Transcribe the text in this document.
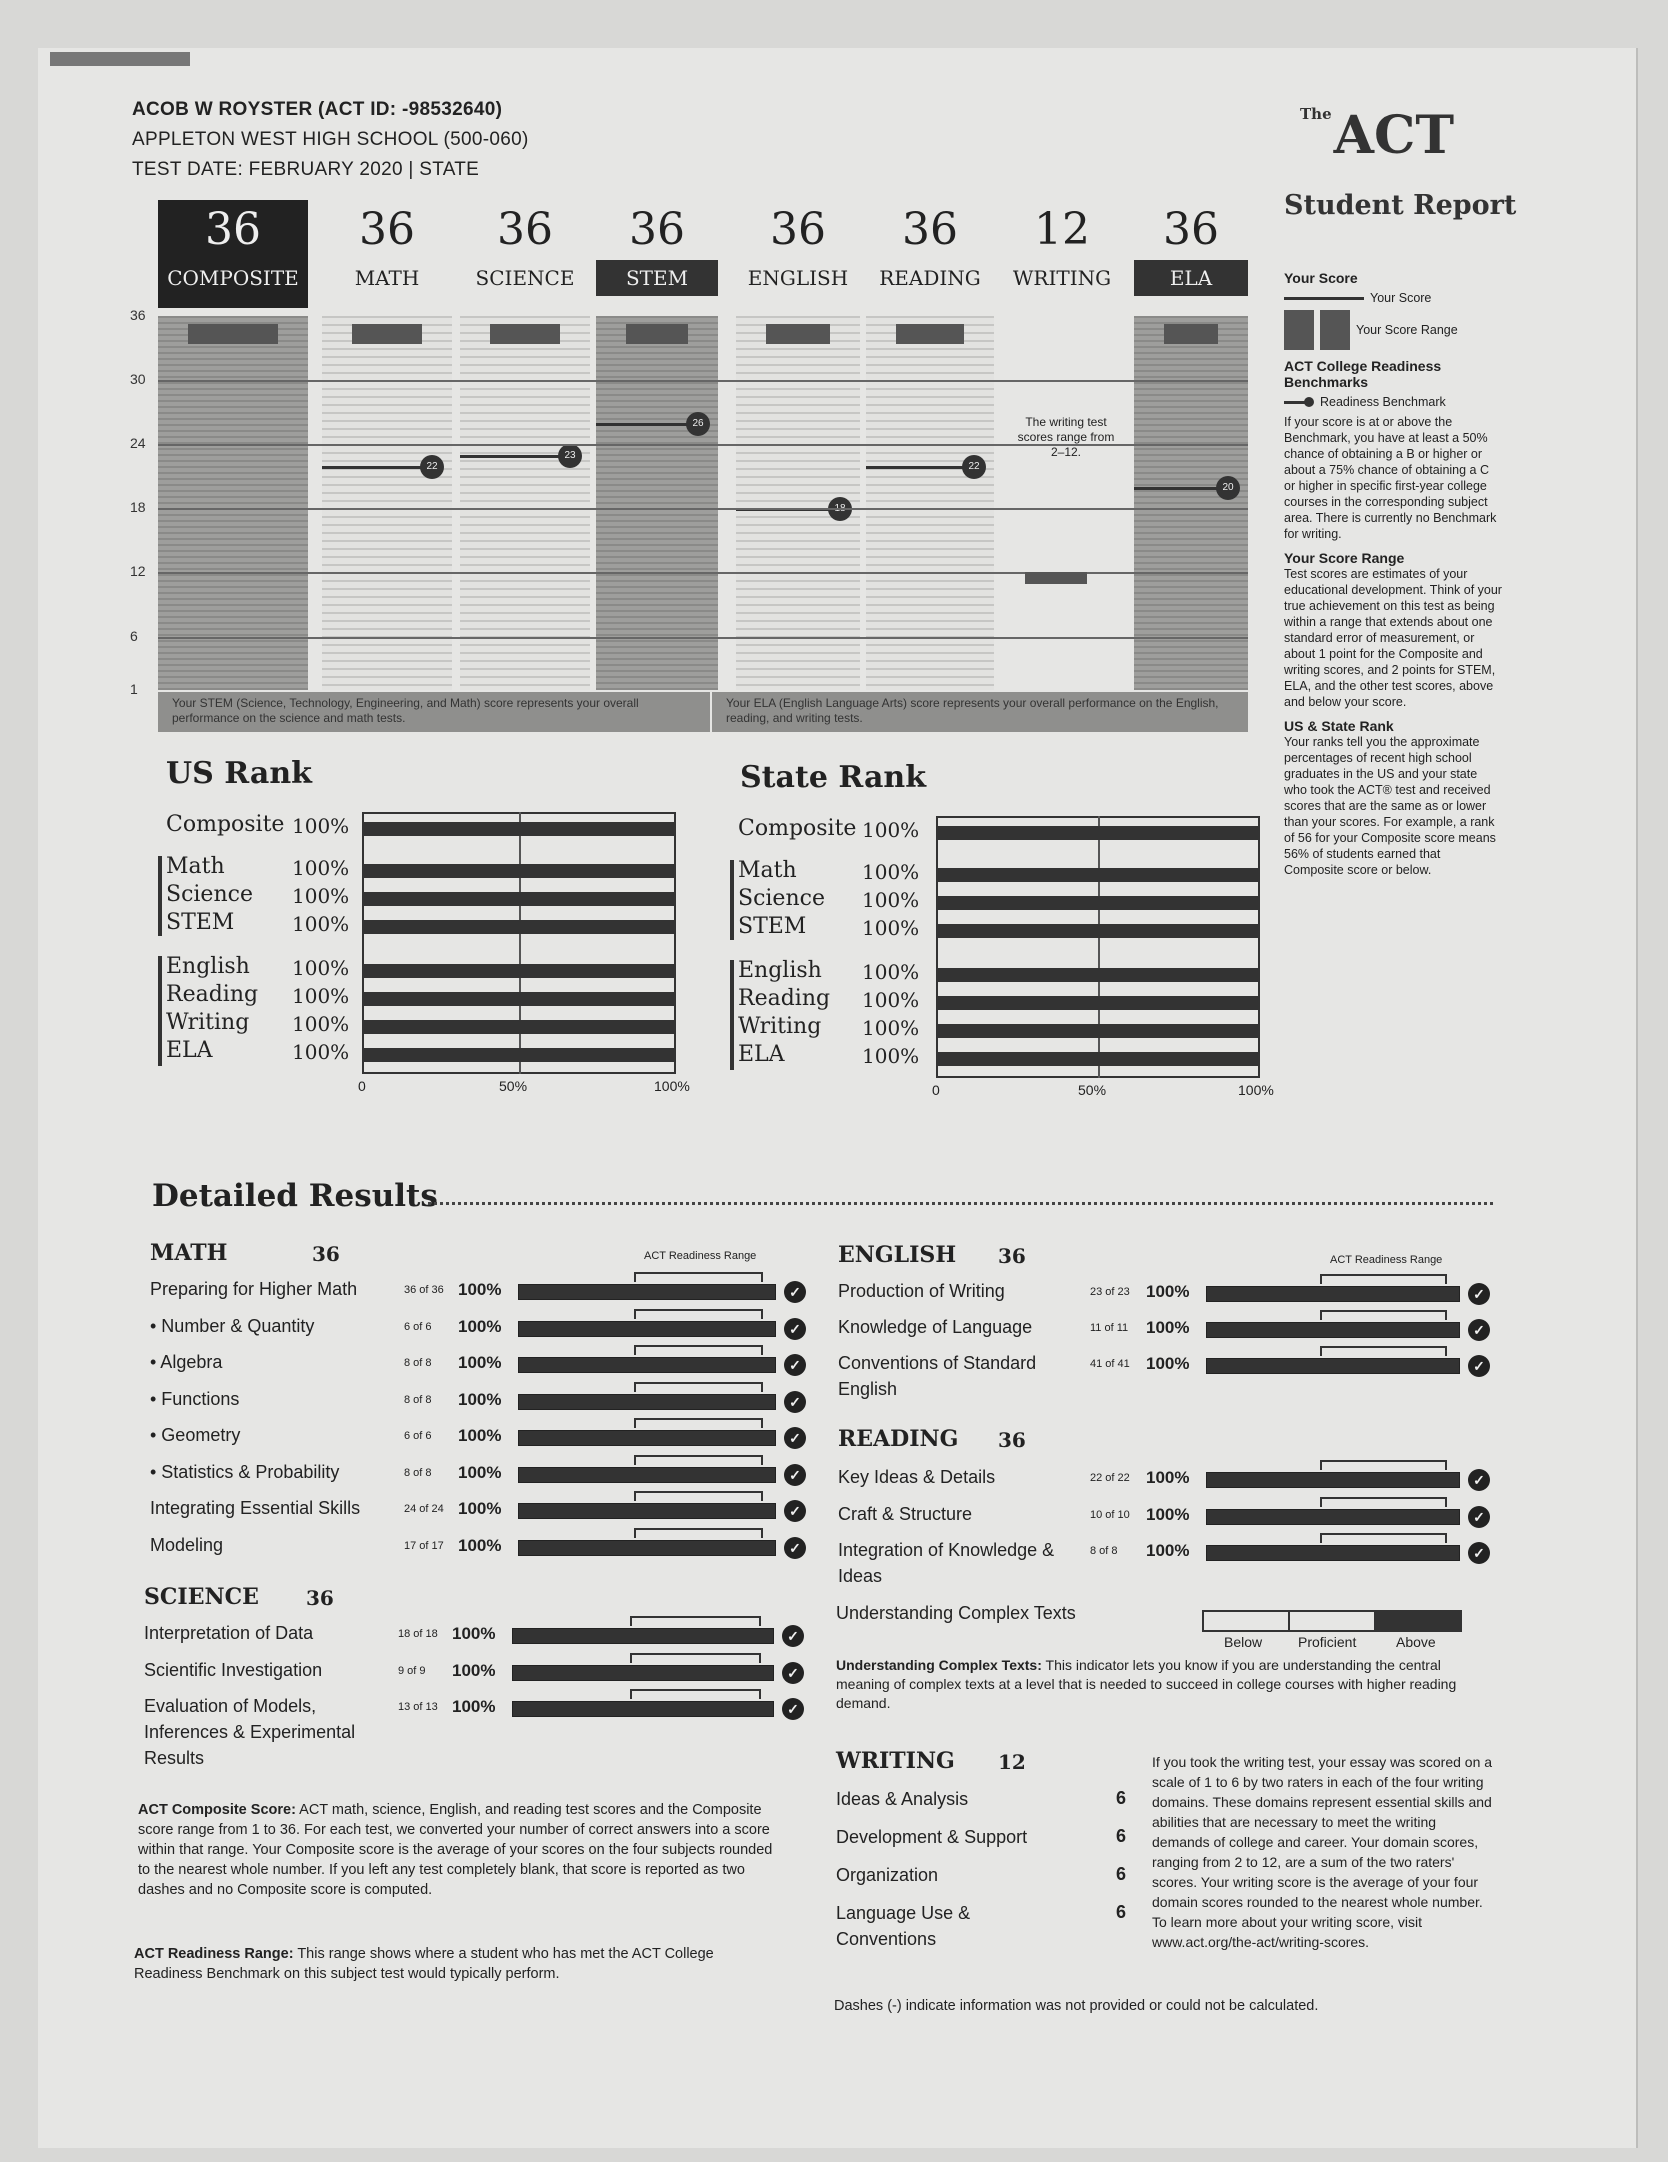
ACOB W ROYSTER (ACT ID: -98532640)
APPLETON WEST HIGH SCHOOL (500-060)
TEST DATE: FEBRUARY 2020 | STATE
$^{The}$ACT
Student Report
36
COMPOSITE
36
MATH
36
SCIENCE
36
STEM
36
ENGLISH
36
READING
12
WRITING
36
ELA
22
23
26
22
20
36
30
24
18
12
6
1
The writing test scores range from 2–12.
Your STEM (Science, Technology, Engineering, and Math) score represents your overall performance on the science and math tests.
Your ELA (English Language Arts) score represents your overall performance on the English, reading, and writing tests.
Your Score
Your Score
Your Score Range
ACT College Readiness Benchmarks
Readiness Benchmark

If your score is at or above the Benchmark, you have at least a 50% chance of obtaining a B or higher or about a 75% chance of obtaining a C or higher in specific first-year college courses in the corresponding subject area. There is currently no Benchmark for writing.

Your Score Range

Test scores are estimates of your educational development. Think of your true achievement on this test as being within a range that extends about one standard error of measurement, or about 1 point for the Composite and writing scores, and 2 points for STEM, ELA, and the other test scores, above and below your score.

US & State Rank

Your ranks tell you the approximate percentages of recent high school graduates in the US and your state who took the ACT® test and received scores that are the same as or lower than your scores. For example, a rank of 56 for your Composite score means 56% of students earned that Composite score or below.

US Rank	State Rank
Composite 100%
Math	100%
Science 100%
STEM	100%
English 100%
Reading 100%
Writing 100%
ELA	100%
0	50%	100%
Composite 100%
Math	100%
Science 100%
STEM	100%
English 100%
Reading 100%
Writing 100%
ELA	100%
0	50%	100%
Detailed Results
ACT Readiness Range	ACT Readiness Range
MATH	36
Preparing for Higher Math	36 of 36 100%	✓
• Number & Quantity	6 of 6 100%	✓
• Algebra	8 of 8 100%	✓
• Functions	8 of 8 100%	✓
• Geometry	6 of 6 100%	✓
• Statistics & Probability	8 of 8 100%	✓
Integrating Essential Skills	24 of 24 100%	✓
Modeling	17 of 17 100%	✓
SCIENCE 36
Interpretation of Data	18 of 18 100%	✓
Scientific Investigation	9 of 9 100%	✓
Evaluation of Models, Inferences & Experimental Results
13 of 13 100%	✓
ENGLISH 36
Production of Writing	23 of 23 100%	✓
Knowledge of Language	11 of 11 100%	✓
Conventions of Standard English
41 of 41 100%	✓
READING 36
Key Ideas & Details	22 of 22 100%	✓
Craft & Structure	10 of 10 100%	✓
Integration of Knowledge & Ideas
8 of 8 100%	✓
WRITING 12
Ideas & Analysis	6
Development & Support	6
Organization	6
Language Use & Conventions
6
Below	Proficient	Above
Understanding Complex Texts
Understanding Complex Texts: This indicator lets you know if you are understanding the central meaning of complex texts at a level that is needed to succeed in college courses with higher reading demand.
ACT Composite Score: ACT math, science, English, and reading test scores and the Composite score range from 1 to 36. For each test, we converted your number of correct answers into a score within that range. Your Composite score is the average of your scores on the four subjects rounded to the nearest whole number. If you left any test completely blank, that score is reported as two dashes and no Composite score is computed.
ACT Readiness Range: This range shows where a student who has met the ACT College Readiness Benchmark on this subject test would typically perform.
If you took the writing test, your essay was scored on a scale of 1 to 6 by two raters in each of the four writing domains. These domains represent essential skills and abilities that are necessary to meet the writing demands of college and career. Your domain scores, ranging from 2 to 12, are a sum of the two raters' scores. Your writing score is the average of your four domain scores rounded to the nearest whole number. To learn more about your writing score, visit www.act.org/the-act/writing-scores.
Dashes (-) indicate information was not provided or could not be calculated.
